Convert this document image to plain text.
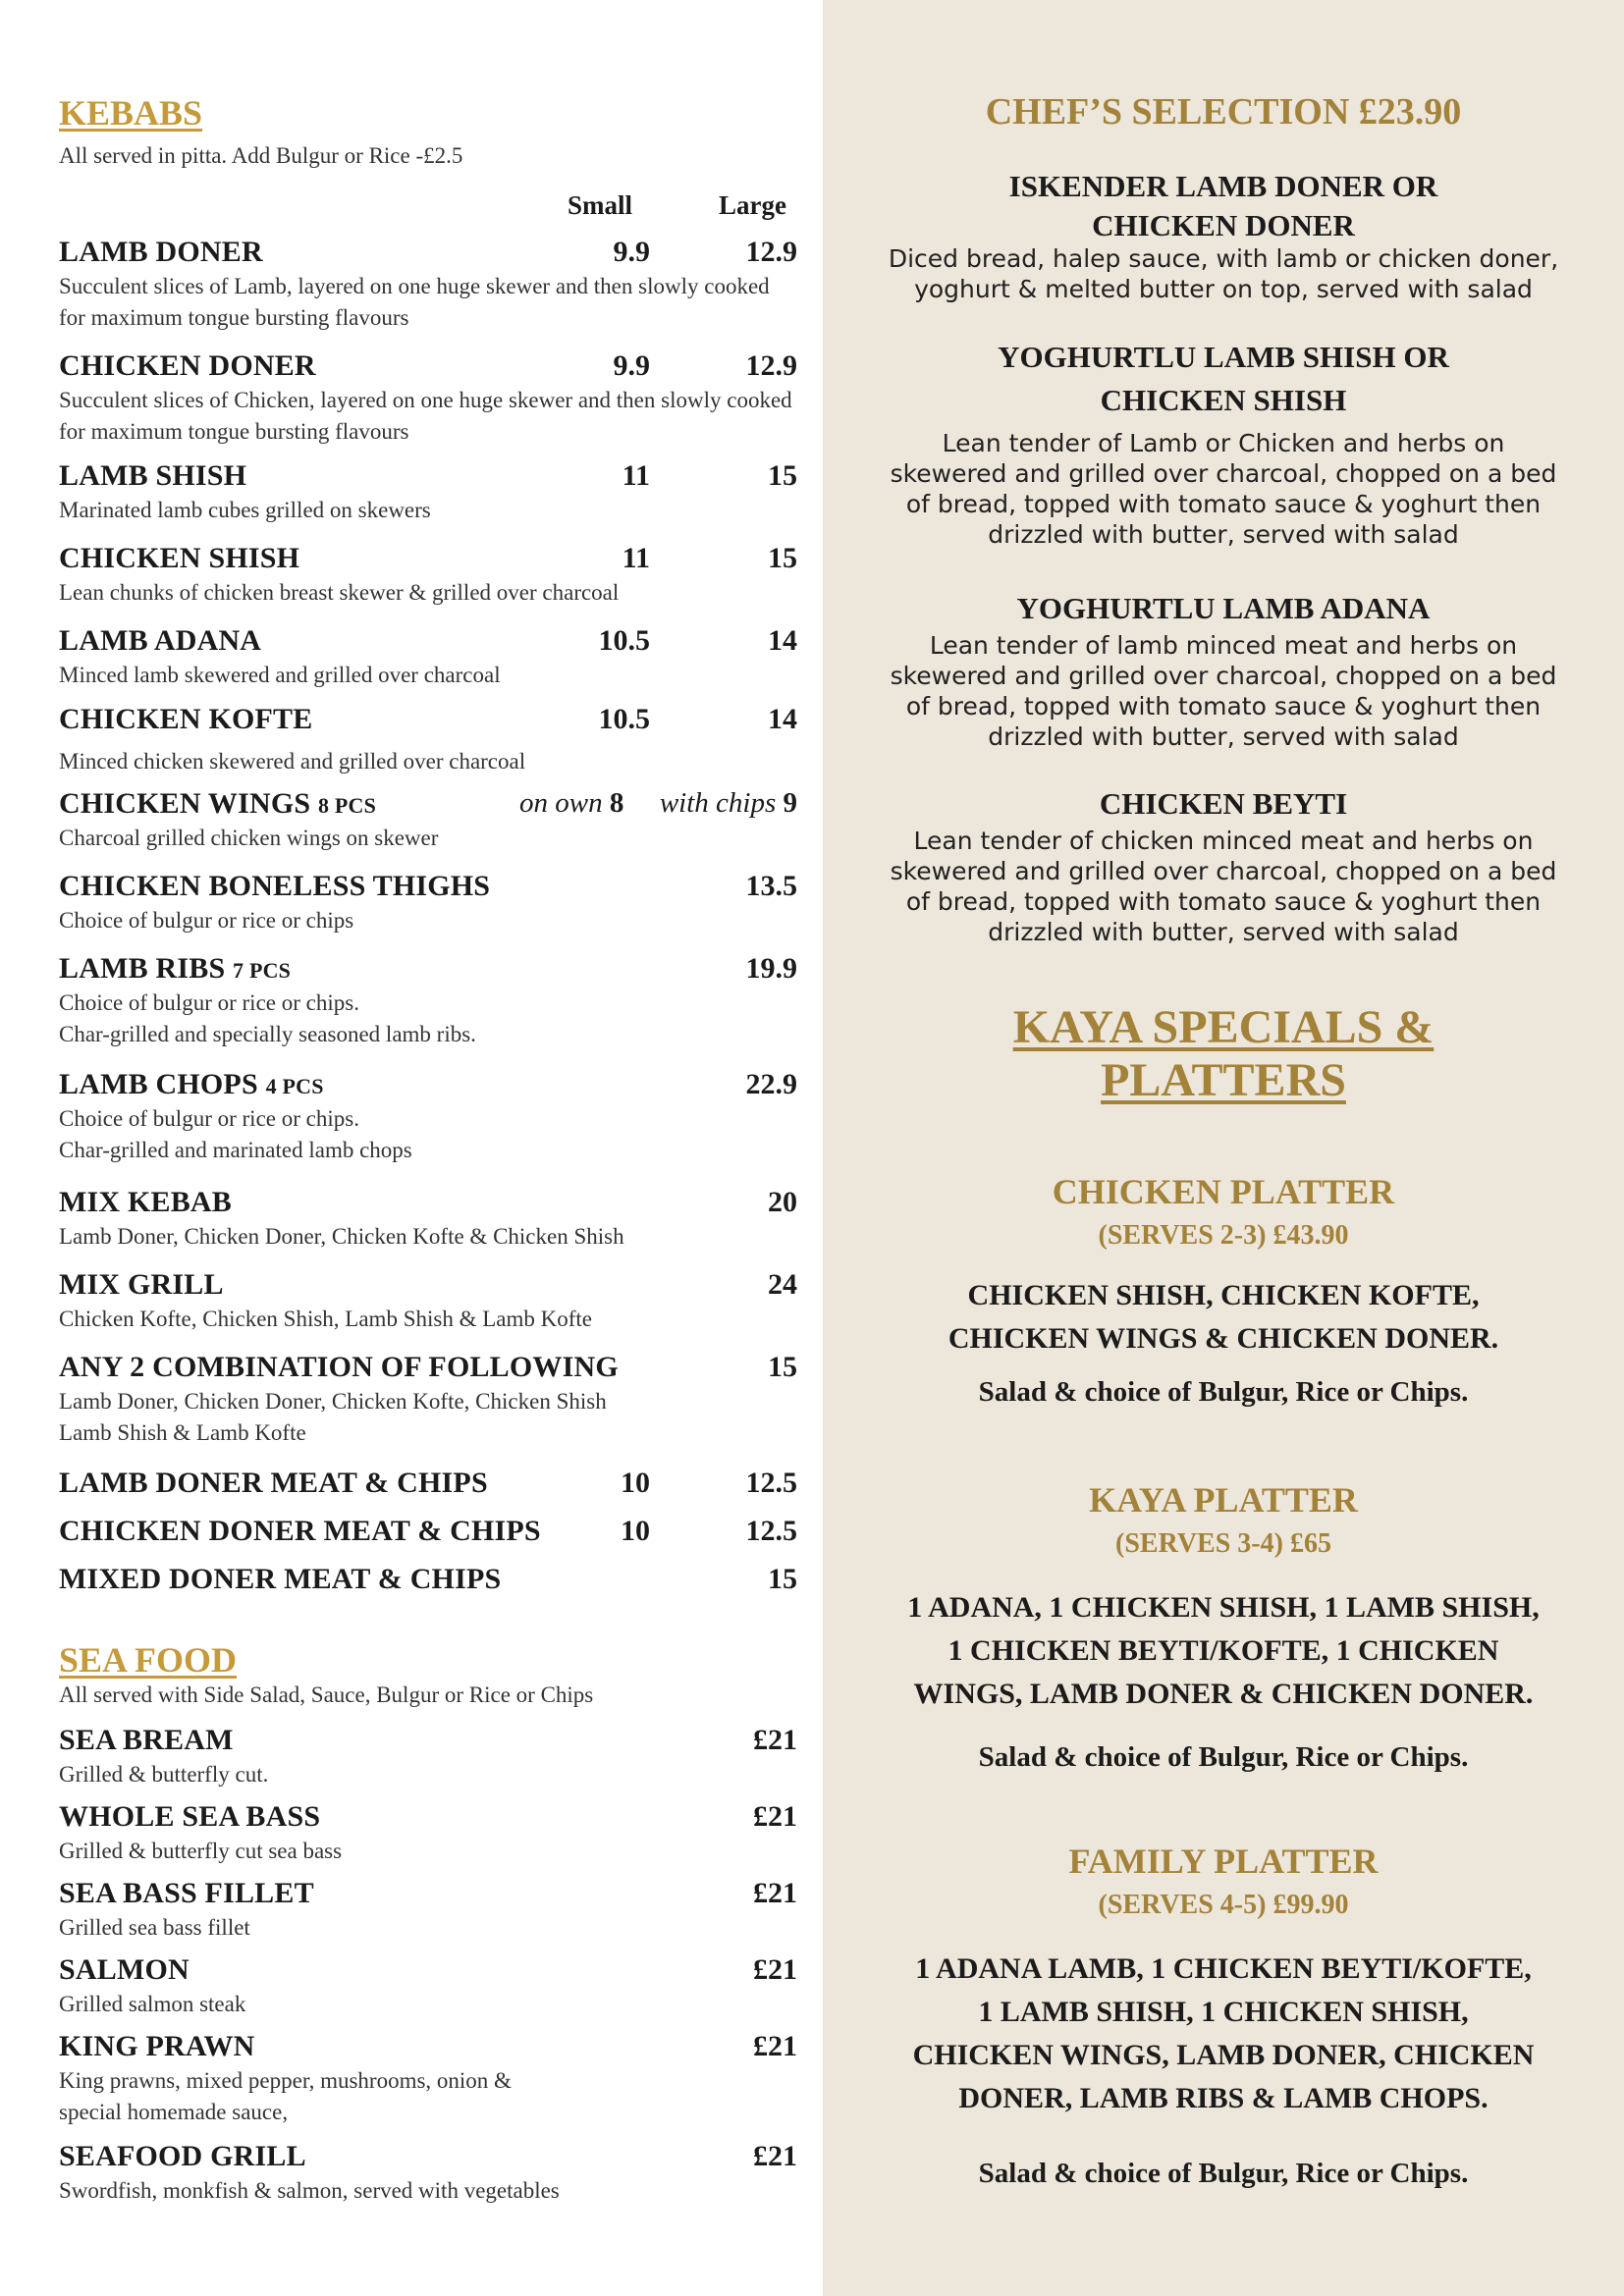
KEBABS
All served in pitta. Add Bulgur or Rice -£2.5
Small	Large
LAMB DONER	9.9	12.9
Succulent slices of Lamb, layered on one huge skewer and then slowly cooked for maximum tongue bursting flavours
CHICKEN DONER	9.9	12.9
Succulent slices of Chicken, layered on one huge skewer and then slowly cooked for maximum tongue bursting flavours
LAMB SHISH	11	15
Marinated lamb cubes grilled on skewers
CHICKEN SHISH	11	15
Lean chunks of chicken breast skewer & grilled over charcoal
LAMB ADANA	10.5	14
Minced lamb skewered and grilled over charcoal
CHICKEN KOFTE	10.5	14
Minced chicken skewered and grilled over charcoal
CHICKEN WINGS 8 PCS	on own 8 with chips 9
Charcoal grilled chicken wings on skewer
CHICKEN BONELESS THIGHS	13.5
Choice of bulgur or rice or chips
LAMB RIBS 7 PCS	19.9
Choice of bulgur or rice or chips.
Char-grilled and specially seasoned lamb ribs.
LAMB CHOPS 4 PCS	22.9
Choice of bulgur or rice or chips.
Char-grilled and marinated lamb chops
MIX KEBAB	20
Lamb Doner, Chicken Doner, Chicken Kofte & Chicken Shish
MIX GRILL	24
Chicken Kofte, Chicken Shish, Lamb Shish & Lamb Kofte
ANY 2 COMBINATION OF FOLLOWING	15
Lamb Doner, Chicken Doner, Chicken Kofte, Chicken Shish
Lamb Shish & Lamb Kofte
LAMB DONER MEAT & CHIPS	10	12.5
CHICKEN DONER MEAT & CHIPS	10	12.5
MIXED DONER MEAT & CHIPS	15
SEA FOOD
All served with Side Salad, Sauce, Bulgur or Rice or Chips
SEA BREAM	£21
Grilled & butterfly cut.
WHOLE SEA BASS	£21
Grilled & butterfly cut sea bass
SEA BASS FILLET	£21
Grilled sea bass fillet
SALMON	£21
Grilled salmon steak
KING PRAWN	£21
King prawns, mixed pepper, mushrooms, onion &
special homemade sauce,
SEAFOOD GRILL	£21
Swordfish, monkfish & salmon, served with vegetables
CHEF’S SELECTION £23.90
ISKENDER LAMB DONER OR
CHICKEN DONER
Diced bread, halep sauce, with lamb or chicken doner,
yoghurt & melted butter on top, served with salad
YOGHURTLU LAMB SHISH OR
CHICKEN SHISH
Lean tender of Lamb or Chicken and herbs on
skewered and grilled over charcoal, chopped on a bed
of bread, topped with tomato sauce & yoghurt then
drizzled with butter, served with salad
YOGHURTLU LAMB ADANA
Lean tender of lamb minced meat and herbs on
skewered and grilled over charcoal, chopped on a bed
of bread, topped with tomato sauce & yoghurt then
drizzled with butter, served with salad
CHICKEN BEYTI
Lean tender of chicken minced meat and herbs on
skewered and grilled over charcoal, chopped on a bed
of bread, topped with tomato sauce & yoghurt then
drizzled with butter, served with salad
KAYA SPECIALS &
PLATTERS
CHICKEN PLATTER
(SERVES 2-3) £43.90
CHICKEN SHISH, CHICKEN KOFTE,
CHICKEN WINGS & CHICKEN DONER.
Salad & choice of Bulgur, Rice or Chips.
KAYA PLATTER
(SERVES 3-4) £65
1 ADANA, 1 CHICKEN SHISH, 1 LAMB SHISH,
1 CHICKEN BEYTI/KOFTE, 1 CHICKEN
WINGS, LAMB DONER & CHICKEN DONER.
Salad & choice of Bulgur, Rice or Chips.
FAMILY PLATTER
(SERVES 4-5) £99.90
1 ADANA LAMB, 1 CHICKEN BEYTI/KOFTE,
1 LAMB SHISH, 1 CHICKEN SHISH,
CHICKEN WINGS, LAMB DONER, CHICKEN
DONER, LAMB RIBS & LAMB CHOPS.
Salad & choice of Bulgur, Rice or Chips.
